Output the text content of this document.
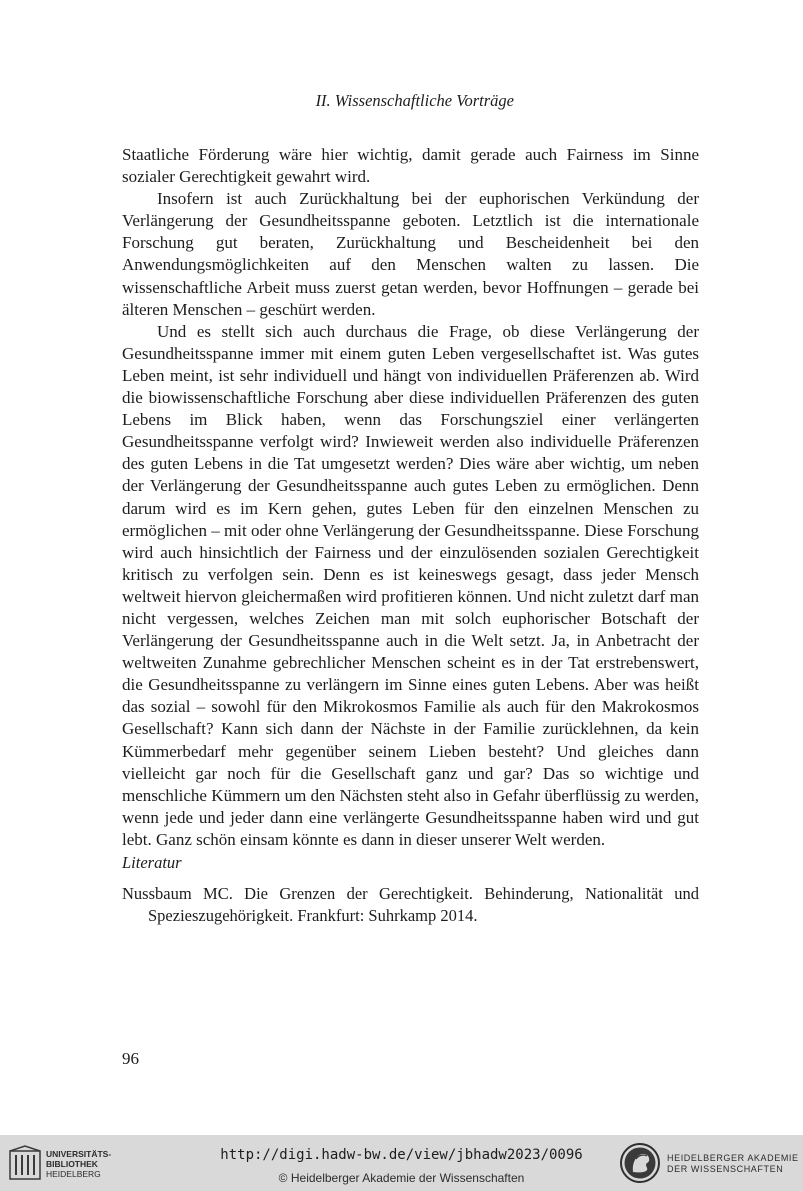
II. Wissenschaftliche Vorträge

Staatliche Förderung wäre hier wichtig, damit gerade auch Fairness im Sinne sozialer Gerechtigkeit gewahrt wird.

Insofern ist auch Zurückhaltung bei der euphorischen Verkündung der Verlängerung der Gesundheitsspanne geboten. Letztlich ist die internationale Forschung gut beraten, Zurückhaltung und Bescheidenheit bei den Anwendungsmöglichkeiten auf den Menschen walten zu lassen. Die wissenschaftliche Arbeit muss zuerst getan werden, bevor Hoffnungen – gerade bei älteren Menschen – geschürt werden.

Und es stellt sich auch durchaus die Frage, ob diese Verlängerung der Gesundheitsspanne immer mit einem guten Leben vergesellschaftet ist. Was gutes Leben meint, ist sehr individuell und hängt von individuellen Präferenzen ab. Wird die biowissenschaftliche Forschung aber diese individuellen Präferenzen des guten Lebens im Blick haben, wenn das Forschungsziel einer verlängerten Gesundheitsspanne verfolgt wird? Inwieweit werden also individuelle Präferenzen des guten Lebens in die Tat umgesetzt werden? Dies wäre aber wichtig, um neben der Verlängerung der Gesundheitsspanne auch gutes Leben zu ermöglichen. Denn darum wird es im Kern gehen, gutes Leben für den einzelnen Menschen zu ermöglichen – mit oder ohne Verlängerung der Gesundheitsspanne. Diese Forschung wird auch hinsichtlich der Fairness und der einzulösenden sozialen Gerechtigkeit kritisch zu verfolgen sein. Denn es ist keineswegs gesagt, dass jeder Mensch weltweit hiervon gleichermaßen wird profitieren können. Und nicht zuletzt darf man nicht vergessen, welches Zeichen man mit solch euphorischer Botschaft der Verlängerung der Gesundheitsspanne auch in die Welt setzt. Ja, in Anbetracht der weltweiten Zunahme gebrechlicher Menschen scheint es in der Tat erstrebenswert, die Gesundheitsspanne zu verlängern im Sinne eines guten Lebens. Aber was heißt das sozial – sowohl für den Mikrokosmos Familie als auch für den Makrokosmos Gesellschaft? Kann sich dann der Nächste in der Familie zurücklehnen, da kein Kümmerbedarf mehr gegenüber seinem Lieben besteht? Und gleiches dann vielleicht gar noch für die Gesellschaft ganz und gar? Das so wichtige und menschliche Kümmern um den Nächsten steht also in Gefahr überflüssig zu werden, wenn jede und jeder dann eine verlängerte Gesundheitsspanne haben wird und gut lebt. Ganz schön einsam könnte es dann in dieser unserer Welt werden.

Literatur
Nussbaum MC. Die Grenzen der Gerechtigkeit. Behinderung, Nationalität und Spezieszugehörigkeit. Frankfurt: Suhrkamp 2014.
96
UNIVERSITÄTS-
BIBLIOTHEK
HEIDELBERG
http://digi.hadw-bw.de/view/jbhadw2023/0096
© Heidelberger Akademie der Wissenschaften
HEIDELBERGER AKADEMIE
DER WISSENSCHAFTEN
